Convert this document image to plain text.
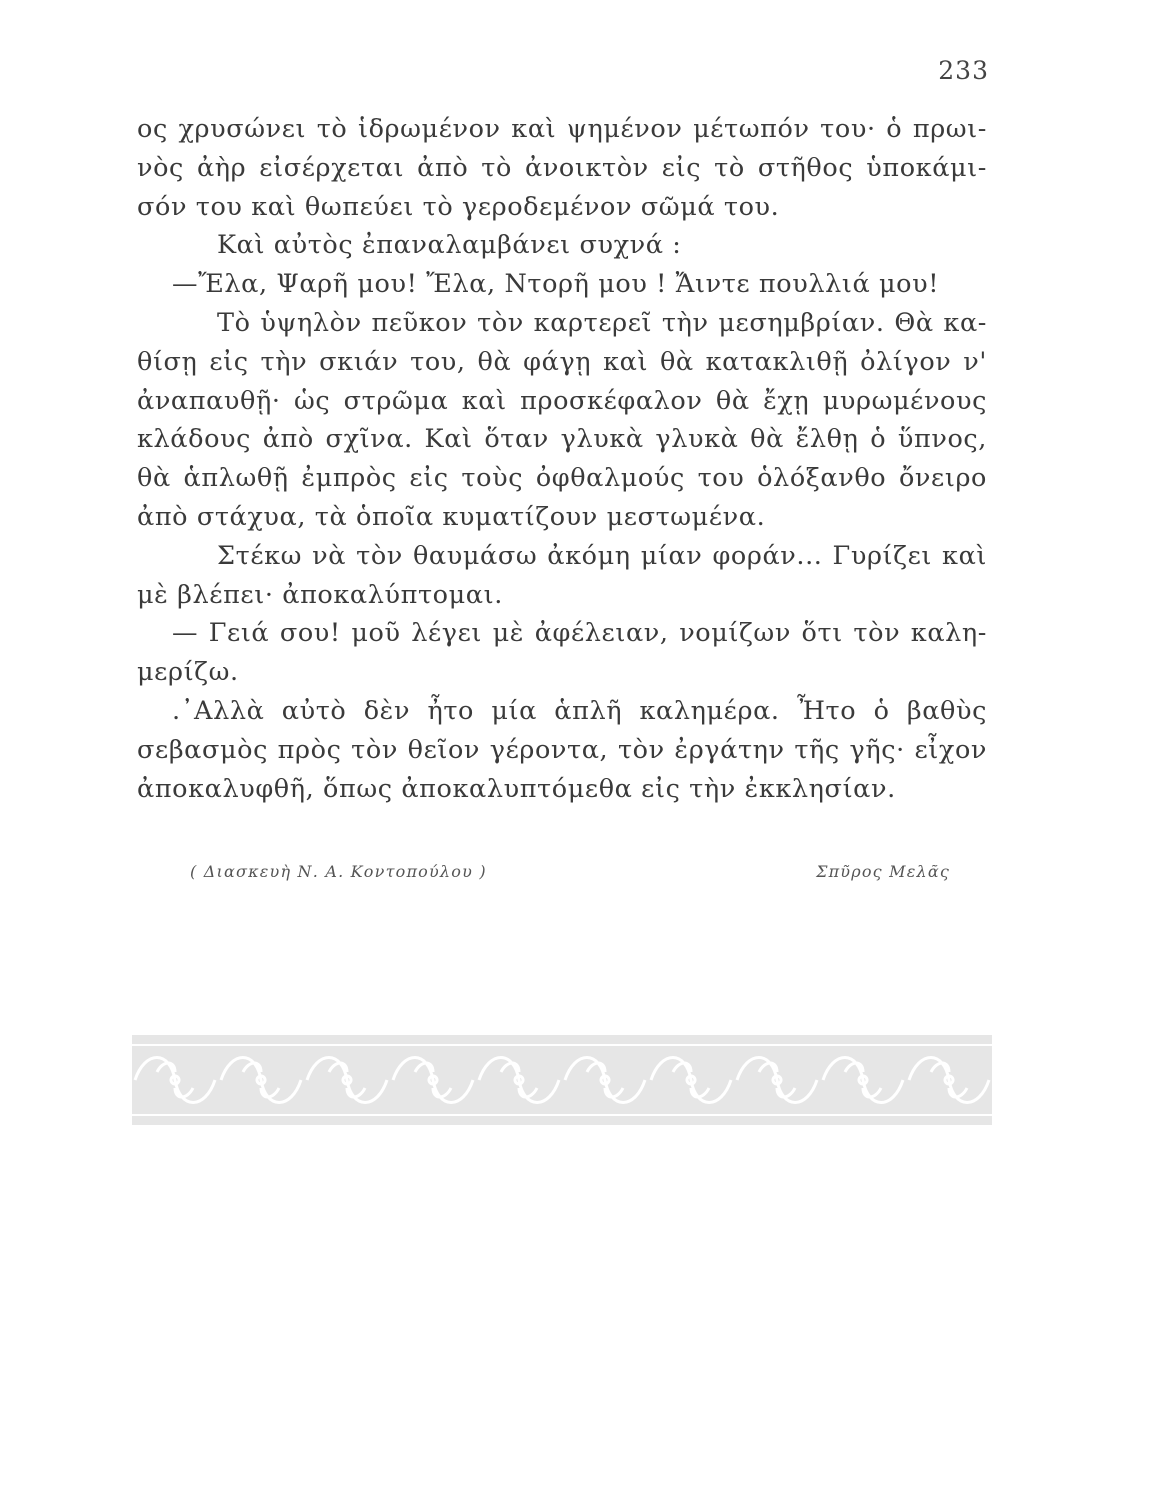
233
ος χρυσώνει τὸ ἱδρωμένον καὶ ψημένον μέτωπόν του· ὁ πρωι-
νὸς ἀὴρ εἰσέρχεται ἀπὸ τὸ ἀνοικτὸν εἰς τὸ στῆθος ὑποκάμι-
σόν του καὶ θωπεύει τὸ γεροδεμένον σῶμά του.
Καὶ αὐτὸς ἐπαναλαμβάνει συχνά :
—Ἔλα, Ψαρῆ μου! Ἔλα, Ντορῆ μου ! Ἄιντε πουλλιά μου!
Τὸ ὑψηλὸν πεῦκον τὸν καρτερεῖ τὴν μεσημβρίαν. Θὰ κα-
θίσῃ εἰς τὴν σκιάν του, θὰ φάγῃ καὶ θὰ κατακλιθῇ ὀλίγον ν'
ἀναπαυθῇ· ὡς στρῶμα καὶ προσκέφαλον θὰ ἔχῃ μυρωμένους
κλάδους ἀπὸ σχῖνα. Καὶ ὅταν γλυκὰ γλυκὰ θὰ ἔλθῃ ὁ ὕπνος,
θὰ ἁπλωθῇ ἐμπρὸς εἰς τοὺς ὀφθαλμούς του ὁλόξανθο ὄνειρο
ἀπὸ στάχυα, τὰ ὁποῖα κυματίζουν μεστωμένα.
Στέκω νὰ τὸν θαυμάσω ἀκόμη μίαν φοράν... Γυρίζει καὶ
μὲ βλέπει· ἀποκαλύπτομαι.
— Γειά σου! μοῦ λέγει μὲ ἀφέλειαν, νομίζων ὅτι τὸν καλη-
μερίζω.
.᾿Αλλὰ αὐτὸ δὲν ἦτο μία ἁπλῆ καλημέρα. Ἦτο ὁ βαθὺς
σεβασμὸς πρὸς τὸν θεῖον γέροντα, τὸν ἐργάτην τῆς γῆς· εἶχον
ἀποκαλυφθῆ, ὅπως ἀποκαλυπτόμεθα εἰς τὴν ἐκκλησίαν.
( Διασκευὴ Ν. Α. Κοντοπούλου )	Σπῦρος Μελᾶς
